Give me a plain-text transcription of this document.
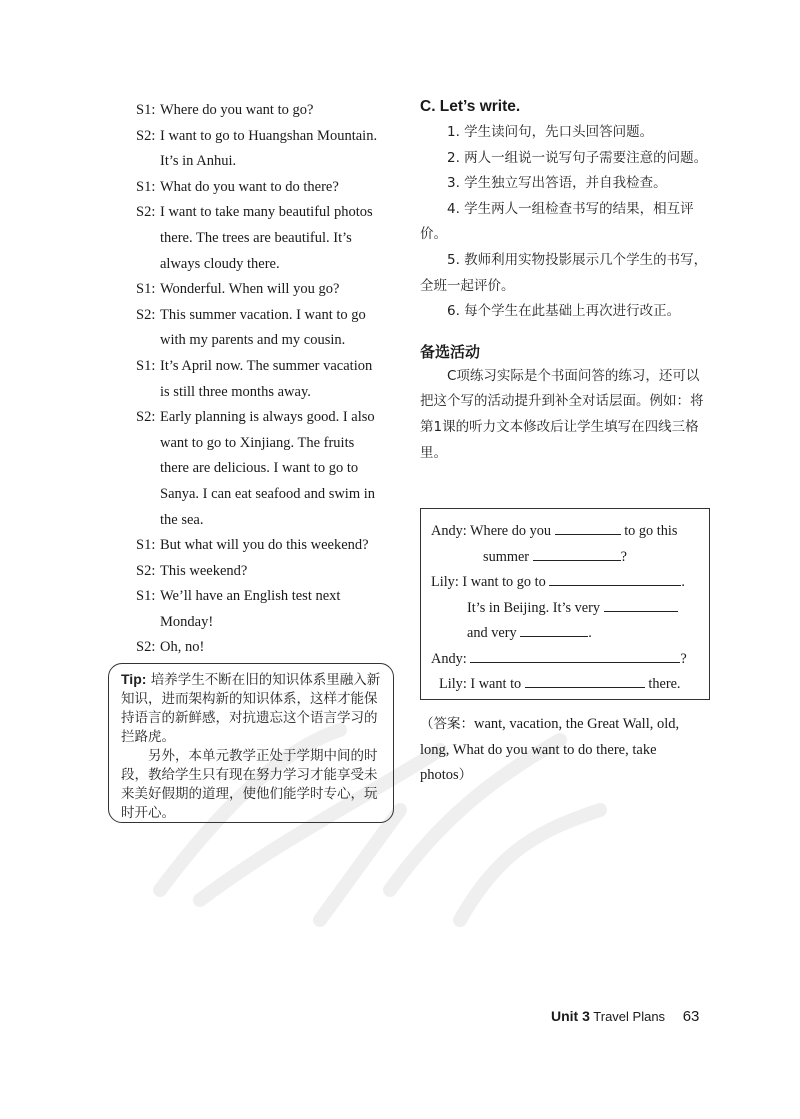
S1: Where do you want to go?
S2: I want to go to Huangshan Mountain.
It’s in Anhui.
S1: What do you want to do there?
S2: I want to take many beautiful photos
there. The trees are beautiful. It’s
always cloudy there.
S1: Wonderful. When will you go?
S2: This summer vacation. I want to go
with my parents and my cousin.
S1: It’s April now. The summer vacation
is still three months away.
S2: Early planning is always good. I also
want to go to Xinjiang. The fruits
there are delicious. I want to go to
Sanya. I can eat seafood and swim in
the sea.
S1: But what will you do this weekend?
S2: This weekend?
S1: We’ll have an English test next
Monday!
S2: Oh, no!

Tip: 培养学生不断在旧的知识体系里融入新知识，进而架构新的知识体系，这样才能保持语言的新鲜感，对抗遗忘这个语言学习的拦路虎。

另外，本单元教学正处于学期中间的时段，教给学生只有现在努力学习才能享受未来美好假期的道理，使他们能学时专心，玩时开心。

C. Let’s write.

1. 学生读问句，先口头回答问题。

2. 两人一组说一说写句子需要注意的问题。

3. 学生独立写出答语，并自我检查。

4. 学生两人一组检查书写的结果，相互评价。

5. 教师利用实物投影展示几个学生的书写，全班一起评价。

6. 每个学生在此基础上再次进行改正。

备选活动

C项练习实际是个书面问答的练习，还可以把这个写的活动提升到补全对话层面。例如：将第1课的听力文本修改后让学生填写在四线三格里。

Andy: Where do you	to go this
summer	?
Lily: I want to go to	.
It’s in Beijing. It’s very
and very	.
Andy:	?
Lily: I want to	there.
（答案：want, vacation, the Great Wall, old, long, What do you want to do there, take photos）
Unit 3 Travel Plans 63
